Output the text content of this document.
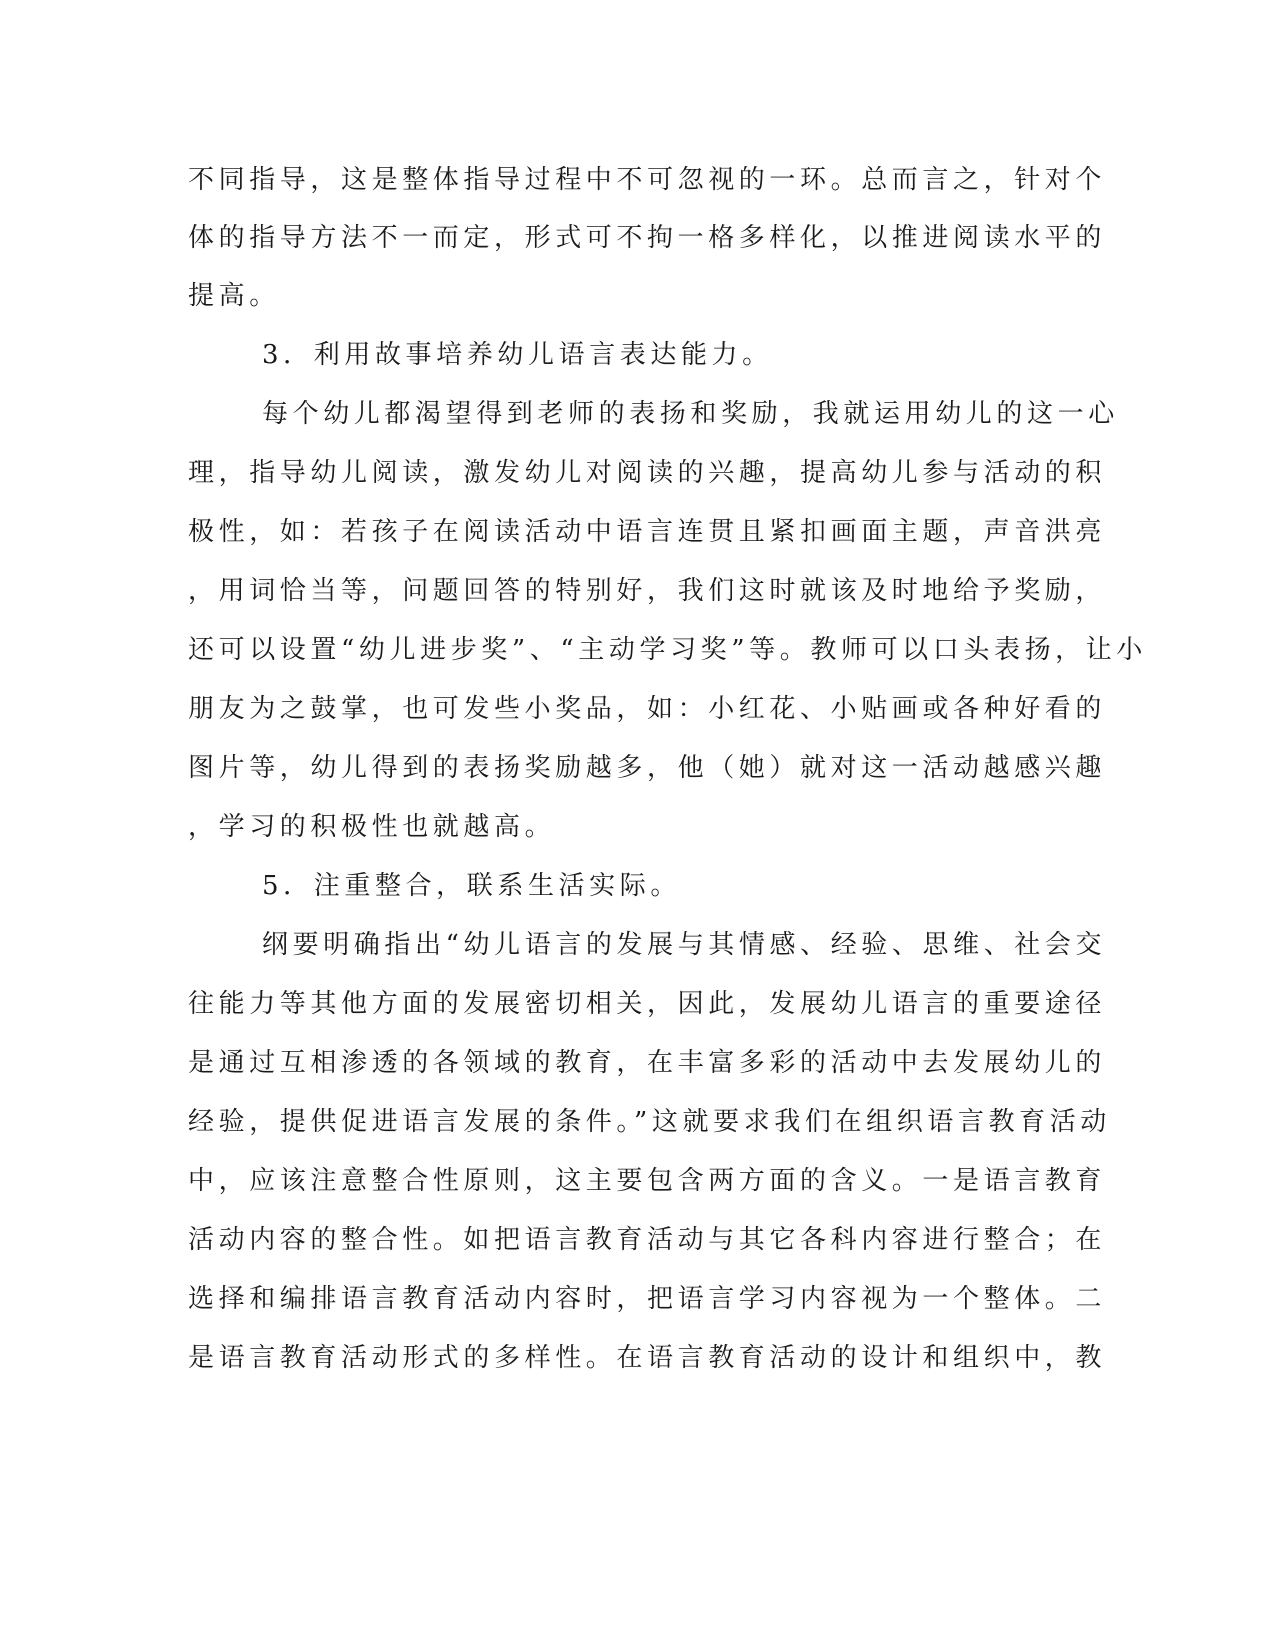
不同指导，这是整体指导过程中不可忽视的一环。总而言之，针对个
体的指导方法不一而定，形式可不拘一格多样化，以推进阅读水平的
提高。
3．利用故事培养幼儿语言表达能力。
每个幼儿都渴望得到老师的表扬和奖励，我就运用幼儿的这一心
理，指导幼儿阅读，激发幼儿对阅读的兴趣，提高幼儿参与活动的积
极性，如：若孩子在阅读活动中语言连贯且紧扣画面主题，声音洪亮
，用词恰当等，问题回答的特别好，我们这时就该及时地给予奖励，
还可以设置“幼儿进步奖”、“主动学习奖”等。教师可以口头表扬，让小
朋友为之鼓掌，也可发些小奖品，如：小红花、小贴画或各种好看的
图片等，幼儿得到的表扬奖励越多，他（她）就对这一活动越感兴趣
，学习的积极性也就越高。
5．注重整合，联系生活实际。
纲要明确指出“幼儿语言的发展与其情感、经验、思维、社会交
往能力等其他方面的发展密切相关，因此，发展幼儿语言的重要途径
是通过互相渗透的各领域的教育，在丰富多彩的活动中去发展幼儿的
经验，提供促进语言发展的条件。”这就要求我们在组织语言教育活动
中，应该注意整合性原则，这主要包含两方面的含义。一是语言教育
活动内容的整合性。如把语言教育活动与其它各科内容进行整合；在
选择和编排语言教育活动内容时，把语言学习内容视为一个整体。二
是语言教育活动形式的多样性。在语言教育活动的设计和组织中，教
